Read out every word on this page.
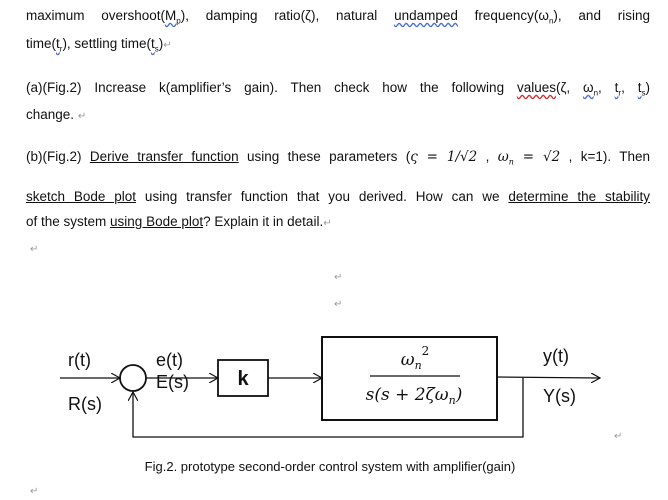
maximum $overshoot(M_p)$, damping ratio(ζ), natural undamped $frequency(\omega_n)$, and rising
$time(t_r)$, settling $time(t_s)↵$
(a)(Fig.2) Increase k(amplifier’s gain). Then check how the following values(ζ, $\omega_n$, $t_r$, $t_s$)
change. ↵
(b)(Fig.2) Derive transfer function using these parameters (ς = 1/√2 , $\omega_n = √2$ , k=1). Then
sketch Bode plot using transfer function that you derived. How can we determine the stability
of the system using Bode plot? Explain it in detail.↵
↵
↵
↵
↵
↵
r(t)
R(s)
e(t)
E(s) k
y(t)
Y(s)
$\omega_n^2$
$s(s + 2\zeta\omega_n)$
Fig.2. prototype second-order control system with amplifier(gain)
